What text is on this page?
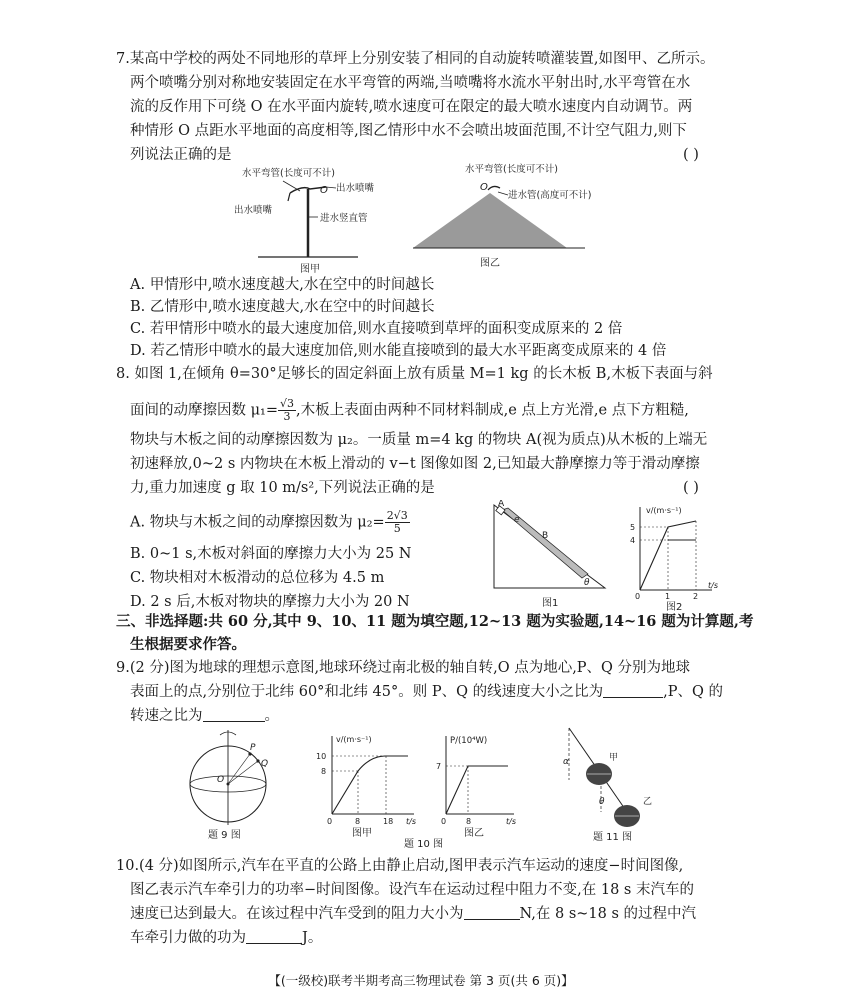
7.某高中学校的两处不同地形的草坪上分别安装了相同的自动旋转喷灌装置,如图甲、乙所示。
两个喷嘴分别对称地安装固定在水平弯管的两端,当喷嘴将水流水平射出时,水平弯管在水
流的反作用下可绕 O 在水平面内旋转,喷水速度可在限定的最大喷水速度内自动调节。两
种情形 O 点距水平地面的高度相等,图乙情形中水不会喷出坡面范围,不计空气阻力,则下
列说法正确的是	( )
水平弯管(长度可不计)
O 出水喷嘴
出水喷嘴
进水竖直管
图甲
水平弯管(长度可不计)
O
进水管(高度可不计)
图乙
A. 甲情形中,喷水速度越大,水在空中的时间越长
B. 乙情形中,喷水速度越大,水在空中的时间越长
C. 若甲情形中喷水的最大速度加倍,则水直接喷到草坪的面积变成原来的 2 倍
D. 若乙情形中喷水的最大速度加倍,则水能直接喷到的最大水平距离变成原来的 4 倍
8. 如图 1,在倾角 θ=30°足够长的固定斜面上放有质量 M=1 kg 的长木板 B,木板下表面与斜
面间的动摩擦因数 $\mu_1= \frac{√3}{3}$ ,木板上表面由两种不同材料制成,e 点上方光滑,e 点下方粗糙,
物块与木板之间的动摩擦因数为 μ₂。一质量 m=4 kg 的物块 A(视为质点)从木板的上端无
初速释放,0~2 s 内物块在木板上滑动的 v−t 图像如图 2,已知最大静摩擦力等于滑动摩擦
力,重力加速度 g 取 10 m/s²,下列说法正确的是	( )
A. 物块与木板之间的动摩擦因数为 $\mu_2= \frac{2√3}{5}$
B. 0~1 s,木板对斜面的摩擦力大小为 25 N
C. 物块相对木板滑动的总位移为 4.5 m
D. 2 s 后,木板对物块的摩擦力大小为 20 N
A
e
B
θ
图1
v/(m·s⁻¹)
t/s
5
4
0	1	2
图2
三、非选择题:共 60 分,其中 9、10、11 题为填空题,12~13 题为实验题,14~16 题为计算题,考
生根据要求作答。
9.(2 分)图为地球的理想示意图,地球环绕过南北极的轴自转,O 点为地心,P、Q 分别为地球
表面上的点,分别位于北纬 60°和北纬 45°。则 P、Q 的线速度大小之比为	,P、Q 的
转速之比为	。
P
Q
O
题 9 图
v/(m·s⁻¹)
t/s
10
8
0	8	18
图甲
P/(10⁴W)
t/s
7
0 8
图乙
题 10 图
α
θ
甲
乙
题 11 图
10.(4 分)如图所示,汽车在平直的公路上由静止启动,图甲表示汽车运动的速度−时间图像,
图乙表示汽车牵引力的功率−时间图像。设汽车在运动过程中阻力不变,在 18 s 末汽车的
速度已达到最大。在该过程中汽车受到的阻力大小为	N,在 8 s~18 s 的过程中汽
车牵引力做的功为	J。
【(一级校)联考半期考高三物理试卷 第 3 页(共 6 页)】
